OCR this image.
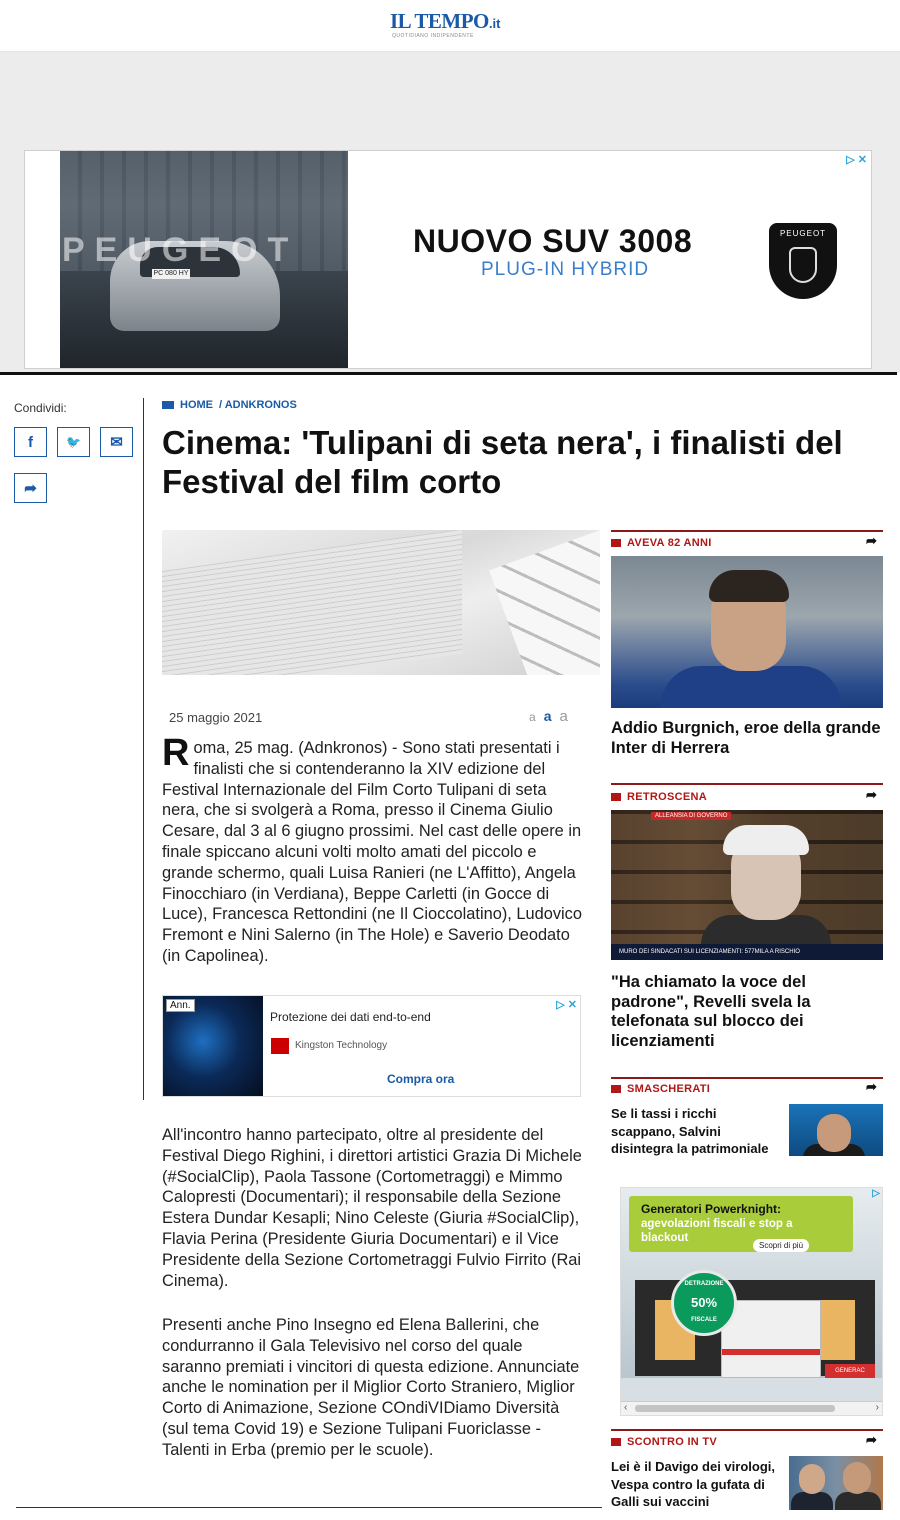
IL TEMPO.it
QUOTIDIANO INDIPENDENTE
PC 080 HY
PEUGEOT	NUOVO SUV 3008
PLUG-IN HYBRID
PEUGEOT
▷ ✕
Condividi:
f	🐦 ✉
➦
HOME / ADNKRONOS
Cinema: 'Tulipani di seta nera', i finalisti del Festival del film corto
25 maggio 2021	a a a
Roma, 25 mag. (Adnkronos) - Sono stati presentati i finalisti che si contenderanno la XIV edizione del Festival Internazionale del Film Corto Tulipani di seta nera, che si svolgerà a Roma, presso il Cinema Giulio Cesare, dal 3 al 6 giugno prossimi. Nel cast delle opere in finale spiccano alcuni volti molto amati del piccolo e grande schermo, quali Luisa Ranieri (ne L'Affitto), Angela Finocchiaro (in Verdiana), Beppe Carletti (in Gocce di Luce), Francesca Rettondini (ne Il Cioccolatino), Ludovico Fremont e Nini Salerno (in The Hole) e Saverio Deodato (in Capolinea).
Ann.
Protezione dei dati end-to-end
Kingston Technology
Compra ora
▷ ✕
All'incontro hanno partecipato, oltre al presidente del Festival Diego Righini, i direttori artistici Grazia Di Michele (#SocialClip), Paola Tassone (Cortometraggi) e Mimmo Calopresti (Documentari); il responsabile della Sezione Estera Dundar Kesapli; Nino Celeste (Giuria #SocialClip), Flavia Perina (Presidente Giuria Documentari) e il Vice Presidente della Sezione Cortometraggi Fulvio Firrito (Rai Cinema).
Presenti anche Pino Insegno ed Elena Ballerini, che condurranno il Gala Televisivo nel corso del quale saranno premiati i vincitori di questa edizione. Annunciate anche le nomination per il Miglior Corto Straniero, Miglior Corto di Animazione, Sezione COndiVIDiamo Diversità (sul tema Covid 19) e Sezione Tulipani Fuoriclasse - Talenti in Erba (premio per le scuole).
AVEVA 82 ANNI	➦
Addio Burgnich, eroe della grande Inter di Herrera
RETROSCENA	➦
ALLEANSIA DI GOVERNO
MURO DEI SINDACATI SUI LICENZIAMENTI: 577MILA A RISCHIO
"Ha chiamato la voce del padrone", Revelli svela la telefonata sul blocco dei licenziamenti
SMASCHERATI	➦
Se li tassi i ricchi scappano, Salvini disintegra la patrimoniale
Generatori Powerknight:
agevolazioni fiscali e stop a blackout
Scopri di più
DETRAZIONE
50%
FISCALE
GENERAC
▷
‹	›
SCONTRO IN TV	➦
Lei è il Davigo dei virologi, Vespa contro la gufata di Galli sui vaccini
